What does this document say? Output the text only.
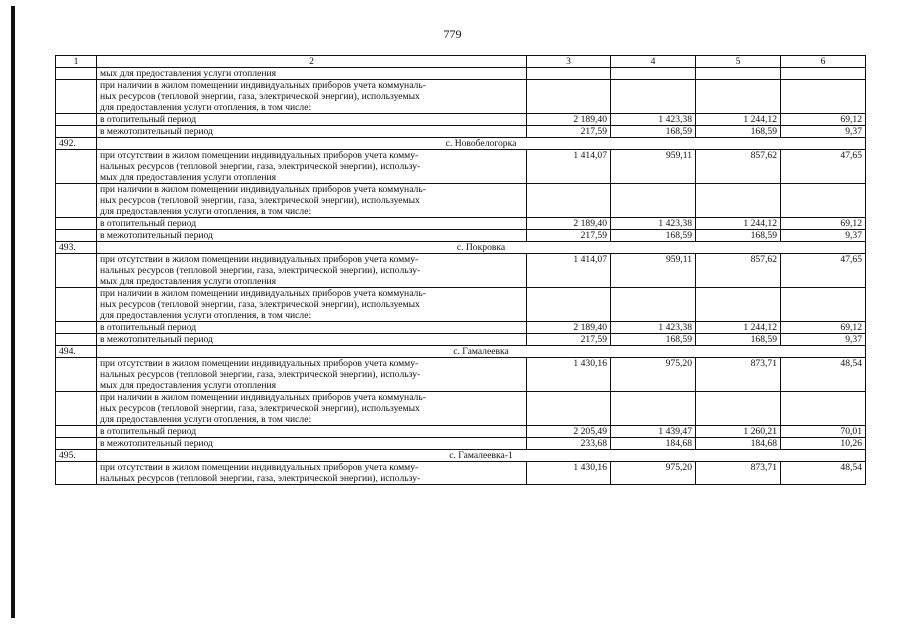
779
1	2	3	4	5	6

	мых для предоставления услуги отопления				

	при наличии в жилом помещении индивидуальных приборов учета коммуналь-
ных ресурсов (тепловой энергии, газа, электрической энергии), используемых
для предоставления услуги отопления, в том числе:				

	в отопительный период	2 189,40	1 423,38	1 244,12	69,12

	в межотопительный период	217,59	168,59	168,59	9,37
492.	с. Новобелогорка				

	при отсутствии в жилом помещении индивидуальных приборов учета комму-
нальных ресурсов (тепловой энергии, газа, электрической энергии), использу-
мых для предоставления услуги отопления	1 414,07	959,11	857,62	47,65

	при наличии в жилом помещении индивидуальных приборов учета коммуналь-
ных ресурсов (тепловой энергии, газа, электрической энергии), используемых
для предоставления услуги отопления, в том числе:				

	в отопительный период	2 189,40	1 423,38	1 244,12	69,12

	в межотопительный период	217,59	168,59	168,59	9,37
493.	с. Покровка				

	при отсутствии в жилом помещении индивидуальных приборов учета комму-
нальных ресурсов (тепловой энергии, газа, электрической энергии), использу-
мых для предоставления услуги отопления	1 414,07	959,11	857,62	47,65

	при наличии в жилом помещении индивидуальных приборов учета коммуналь-
ных ресурсов (тепловой энергии, газа, электрической энергии), используемых
для предоставления услуги отопления, в том числе:				

	в отопительный период	2 189,40	1 423,38	1 244,12	69,12

	в межотопительный период	217,59	168,59	168,59	9,37
494.	с. Гамалеевка				

	при отсутствии в жилом помещении индивидуальных приборов учета комму-
нальных ресурсов (тепловой энергии, газа, электрической энергии), использу-
мых для предоставления услуги отопления	1 430,16	975,20	873,71	48,54

	при наличии в жилом помещении индивидуальных приборов учета коммуналь-
ных ресурсов (тепловой энергии, газа, электрической энергии), используемых
для предоставления услуги отопления, в том числе:				

	в отопительный период	2 205,49	1 439,47	1 260,21	70,01

	в межотопительный период	233,68	184,68	184,68	10,26
495.	с. Гамалеевка-1				

	при отсутствии в жилом помещении индивидуальных приборов учета комму-
нальных ресурсов (тепловой энергии, газа, электрической энергии), использу-	1 430,16	975,20	873,71	48,54
